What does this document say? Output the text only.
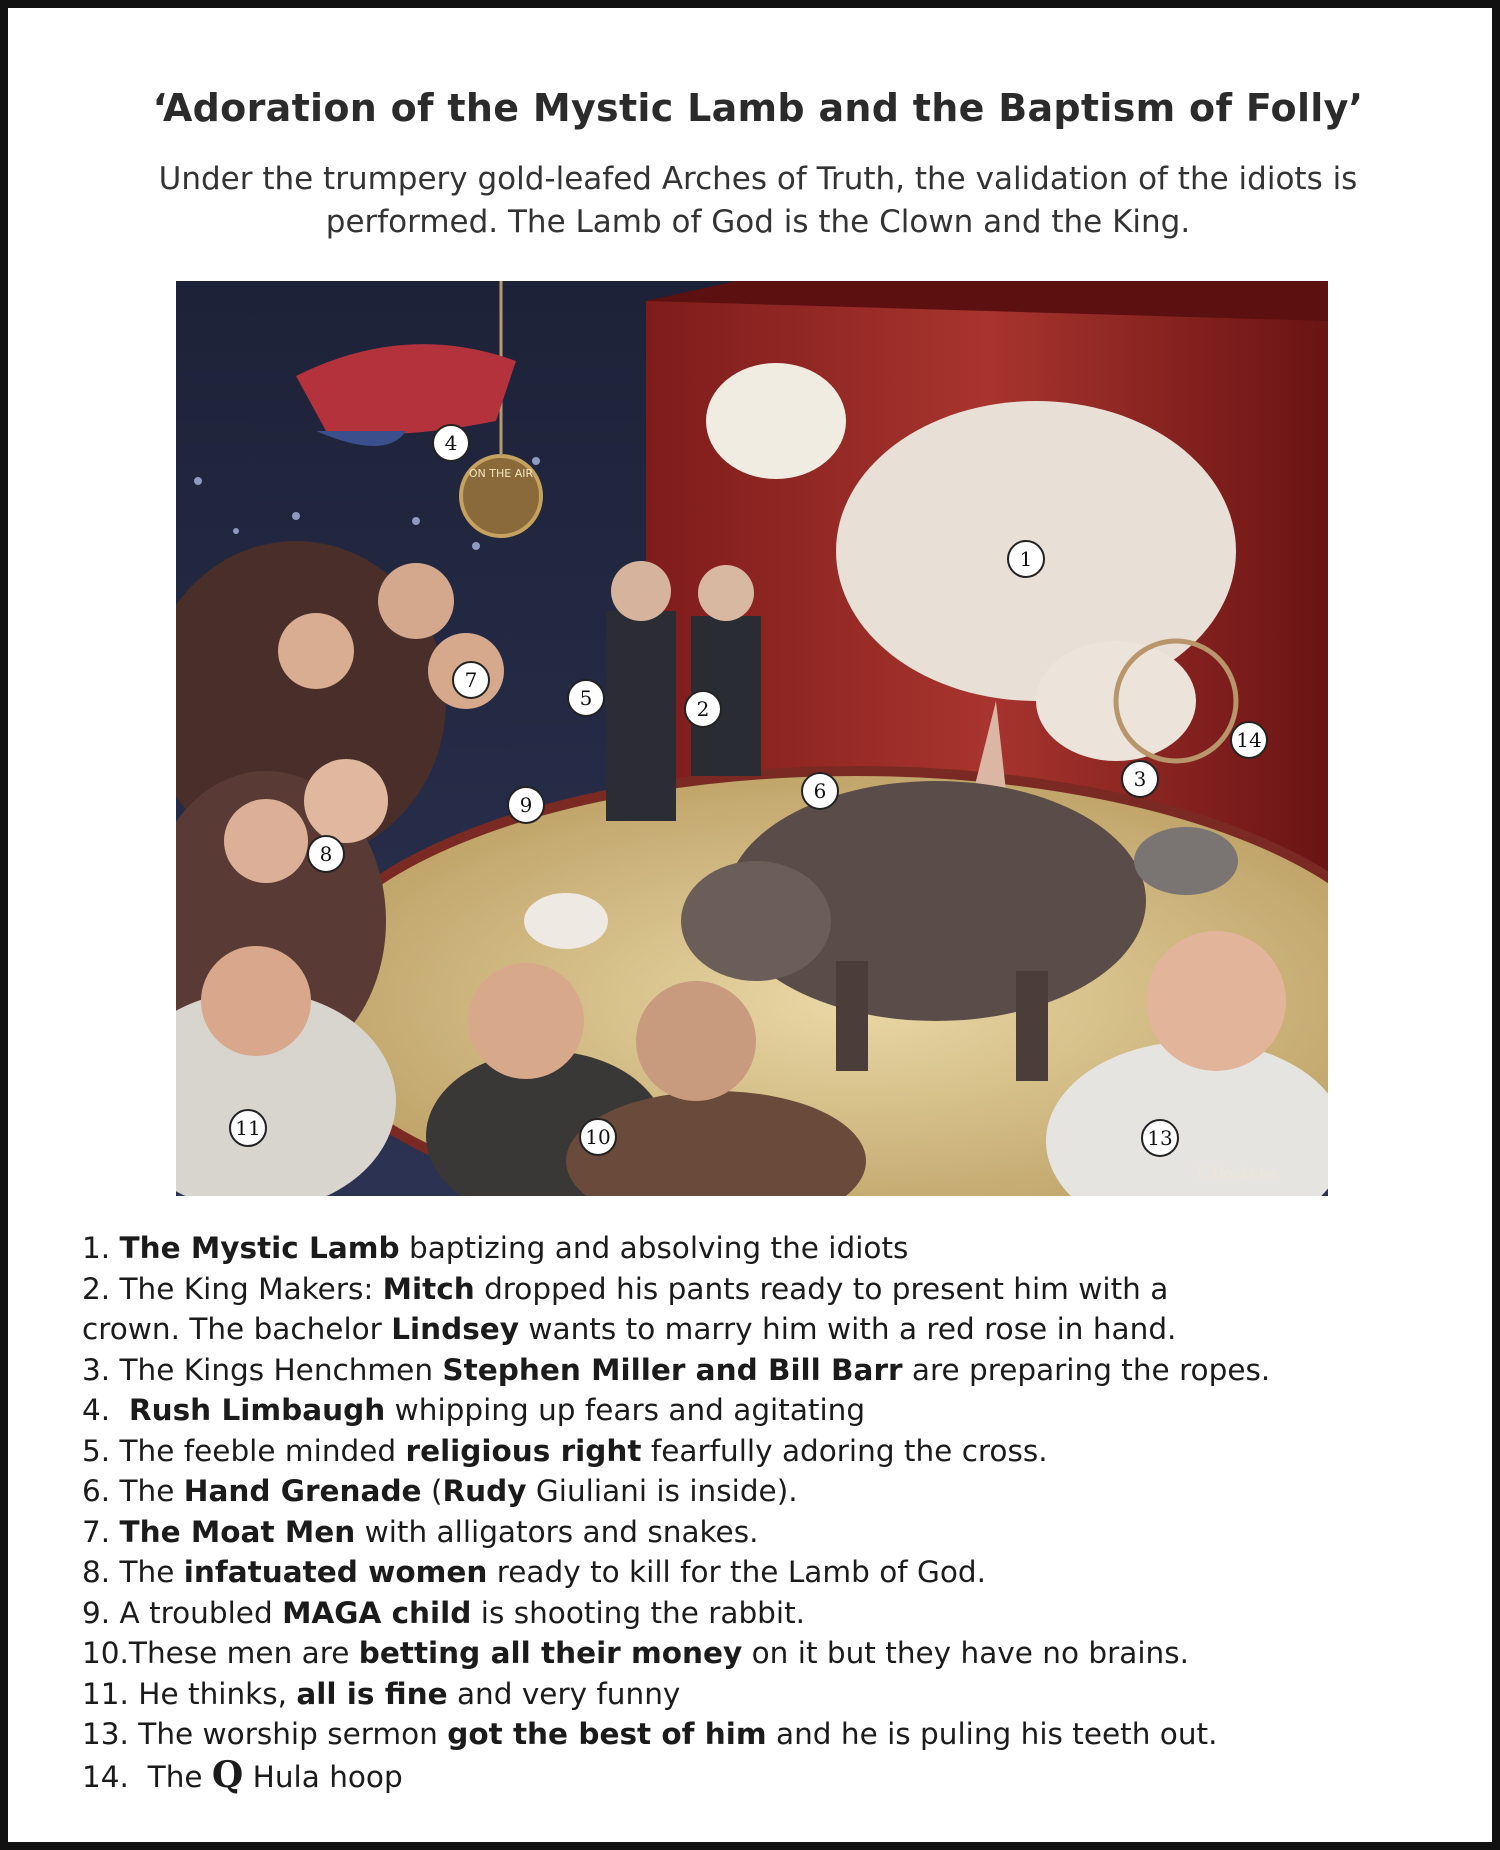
‘Adoration of the Mystic Lamb and the Baptism of Folly’
Under the trumpery gold-leafed Arches of Truth, the validation of the idiots is performed. The Lamb of God is the Clown and the King.
ON THE AIR
1
2
3
4
5
6
7
8
9
10
11	13
14
T. Doskova
1. The Mystic Lamb baptizing and absolving the idiots
2. The King Makers: Mitch dropped his pants ready to present him with a
crown. The bachelor Lindsey wants to marry him with a red rose in hand.
3. The Kings Henchmen Stephen Miller and Bill Barr are preparing the ropes.
4.  Rush Limbaugh whipping up fears and agitating
5. The feeble minded religious right fearfully adoring the cross.
6. The Hand Grenade (Rudy Giuliani is inside).
7. The Moat Men with alligators and snakes.
8. The infatuated women ready to kill for the Lamb of God.
9. A troubled MAGA child is shooting the rabbit.
10.These men are betting all their money on it but they have no brains.
11. He thinks, all is fine and very funny
13. The worship sermon got the best of him and he is puling his teeth out.
14.  The Q Hula hoop
